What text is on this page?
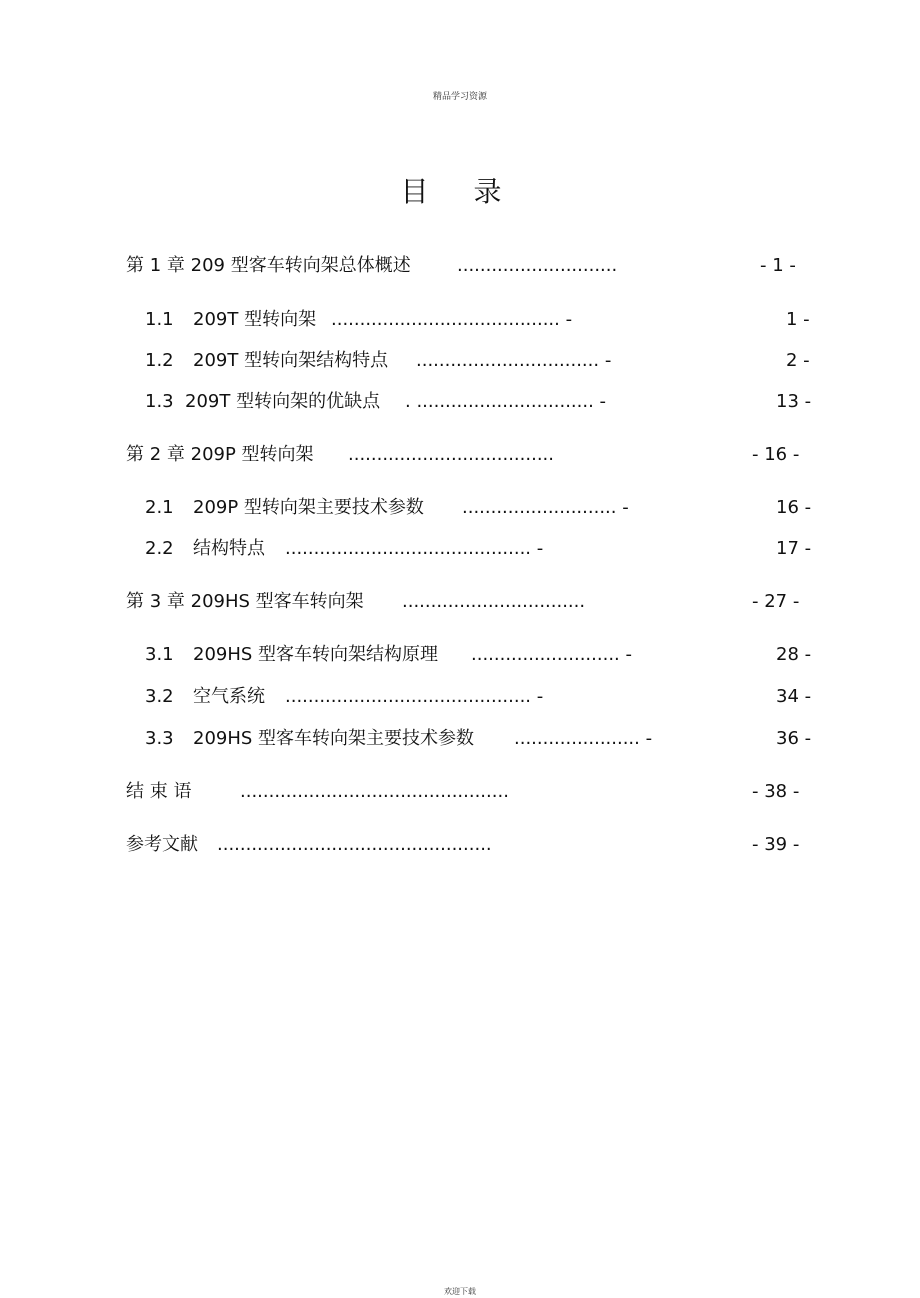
精品学习资源
目 录
第 1 章 209 型客车转向架总体概述	............................	- 1 -
1.1 209T 型转向架 ........................................ -	1 -
1.2 209T 型转向架结构特点 ................................ -	2 -
1.3 209T 型转向架的优缺点 . ............................... -	13 -
第 2 章 209P 型转向架 ....................................	- 16 -
2.1 209P 型转向架主要技术参数 ........................... -	16 -
2.2 结构特点 ........................................... -	17 -
第 3 章 209HS 型客车转向架 ................................	- 27 -
3.1 209HS 型客车转向架结构原理 .......................... -	28 -
3.2 空气系统 ........................................... -	34 -
3.3 209HS 型客车转向架主要技术参数 ...................... -	36 -
结 束 语	...............................................	- 38 -
参考文献 ................................................	- 39 -
欢迎下载
